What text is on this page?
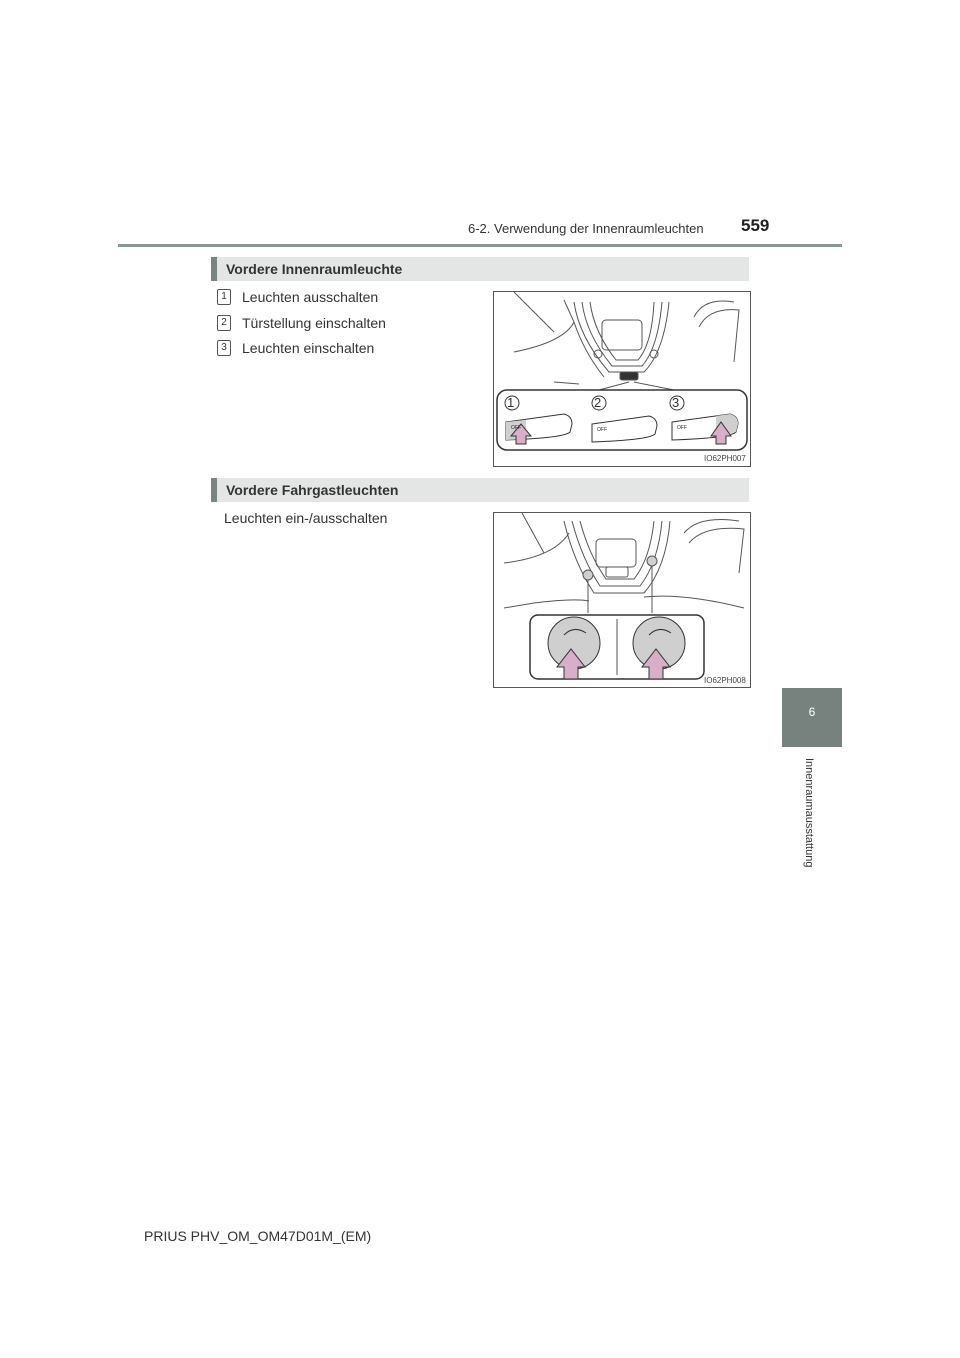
6-2. Verwendung der Innenraumleuchten 559
Vordere Innenraumleuchte
1	Leuchten ausschalten
2	Türstellung einschalten
3	Leuchten einschalten
1	2	3
OFF	OFF	OFF
IO62PH007
Vordere Fahrgastleuchten
Leuchten ein-/ausschalten
IO62PH008
6
Innenraumausstattung
PRIUS PHV_OM_OM47D01M_(EM)
